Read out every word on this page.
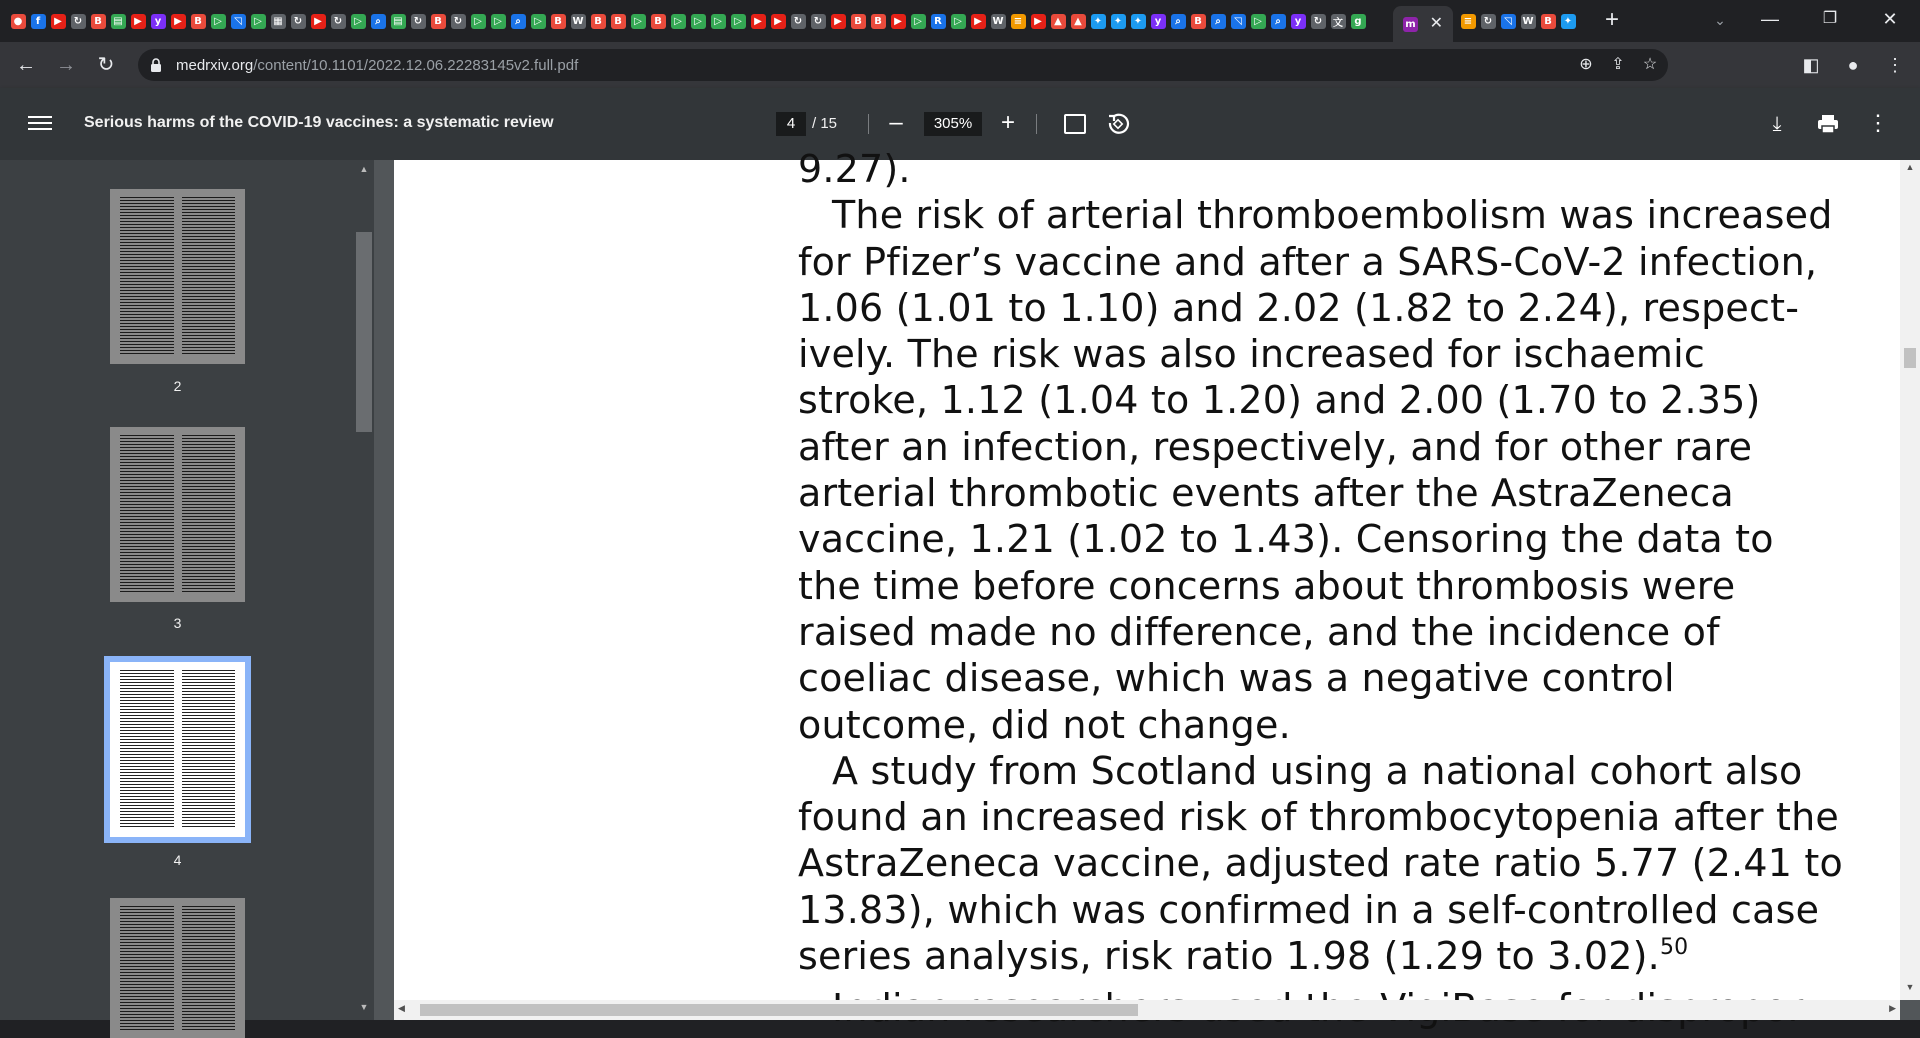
●	f	▶	↻	B	▤	▶	y	▶	B	▷	◹	▷	▦	↻	▶	↻	▷	⌕	▤	↻	B	↻	▷	▷	⌕	▷	B	W	B	B	▷	B	▷	▷	▷	▷	▶	▶	↻	↻	▶	B	B	▶	▷	R	▷	▶	W	≡	▶	▲	▲	✦	✦	✦	y	⌕	B	⌕	◹	▷	⌕	y	↻	文	g	m ✕	≡	↻	◹	W	B	✦ +	⌄	—	❐	✕
← → ↻	medrxiv.org/content/10.1101/2022.12.06.22283145v2.full.pdf	⊕ ⇪ ☆	◧	●	⋮
Serious harms of the COVID-19 vaccines: a systematic review	4	/ 15 –	305%	+	⤓	⋮
2
3
4
▲
▼
9.27).
The risk of arterial thromboembolism was increased
for Pfizer’s vaccine and after a SARS-CoV-2 infection,
1.06 (1.01 to 1.10) and 2.02 (1.82 to 2.24), respect-
ively. The risk was also increased for ischaemic
stroke, 1.12 (1.04 to 1.20) and 2.00 (1.70 to 2.35)
after an infection, respectively, and for other rare
arterial thrombotic events after the AstraZeneca
vaccine, 1.21 (1.02 to 1.43). Censoring the data to
the time before concerns about thrombosis were
raised made no difference, and the incidence of
coeliac disease, which was a negative control
outcome, did not change.
A study from Scotland using a national cohort also
found an increased risk of thrombocytopenia after the
AstraZeneca vaccine, adjusted rate ratio 5.77 (2.41 to
13.83), which was confirmed in a self-controlled case
series analysis, risk ratio 1.98 (1.29 to 3.02).$^{50}$
▲
▼
◀	▶
